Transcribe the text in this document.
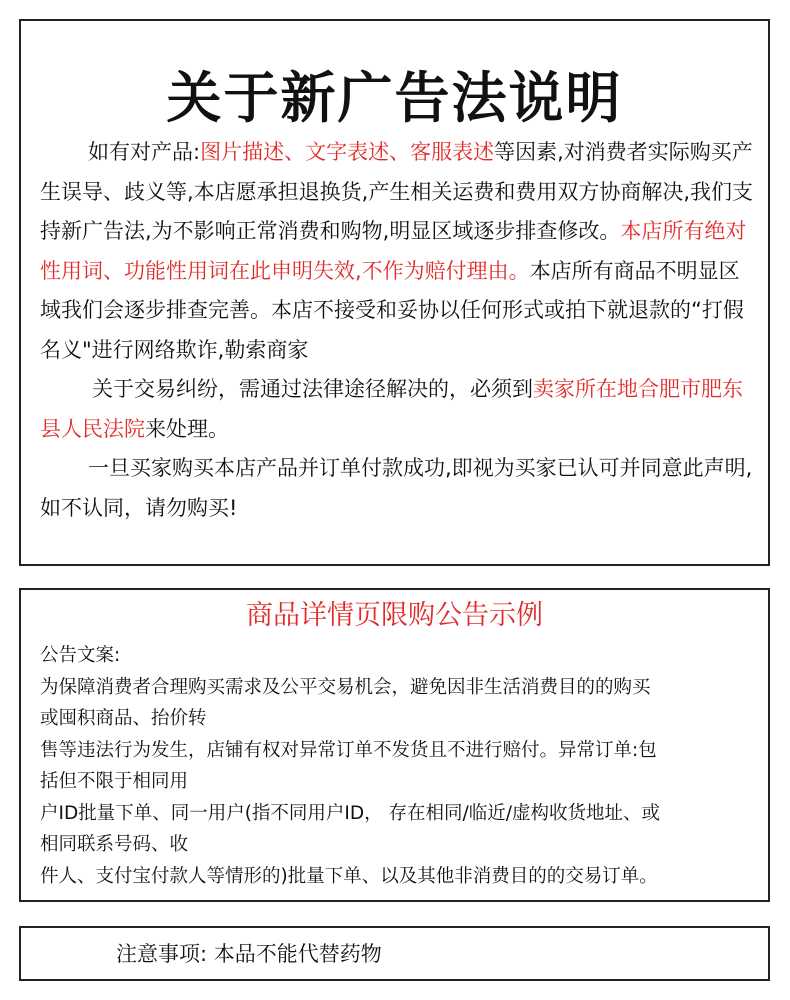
关于新广告法说明

如有对产品:图片描述、文字表述、客服表述等因素,对消费者实际购买产生误导、歧义等,本店愿承担退换货,产生相关运费和费用双方协商解决,我们支持新广告法,为不影响正常消费和购物,明显区域逐步排查修改。本店所有绝对性用词、功能性用词在此申明失效,不作为赔付理由。本店所有商品不明显区域我们会逐步排查完善。本店不接受和妥协以任何形式或拍下就退款的“打假名义"进行网络欺诈,勒索商家

关于交易纠纷，需通过法律途径解决的，必须到卖家所在地合肥市肥东县人民法院来处理。

一旦买家购买本店产品并订单付款成功,即视为买家已认可并同意此声明,如不认同，请勿购买!

商品详情页限购公告示例
公告文案:
为保障消费者合理购买需求及公平交易机会，避免因非生活消费目的的购买
或囤积商品、抬价转
售等违法行为发生，店铺有权对异常订单不发货且不进行赔付。异常订单:包
括但不限于相同用
户ID批量下单、同一用户(指不同用户ID， 存在相同/临近/虚构收货地址、或
相同联系号码、收
件人、支付宝付款人等情形的)批量下单、以及其他非消费目的的交易订单。
注意事项: 本品不能代替药物
